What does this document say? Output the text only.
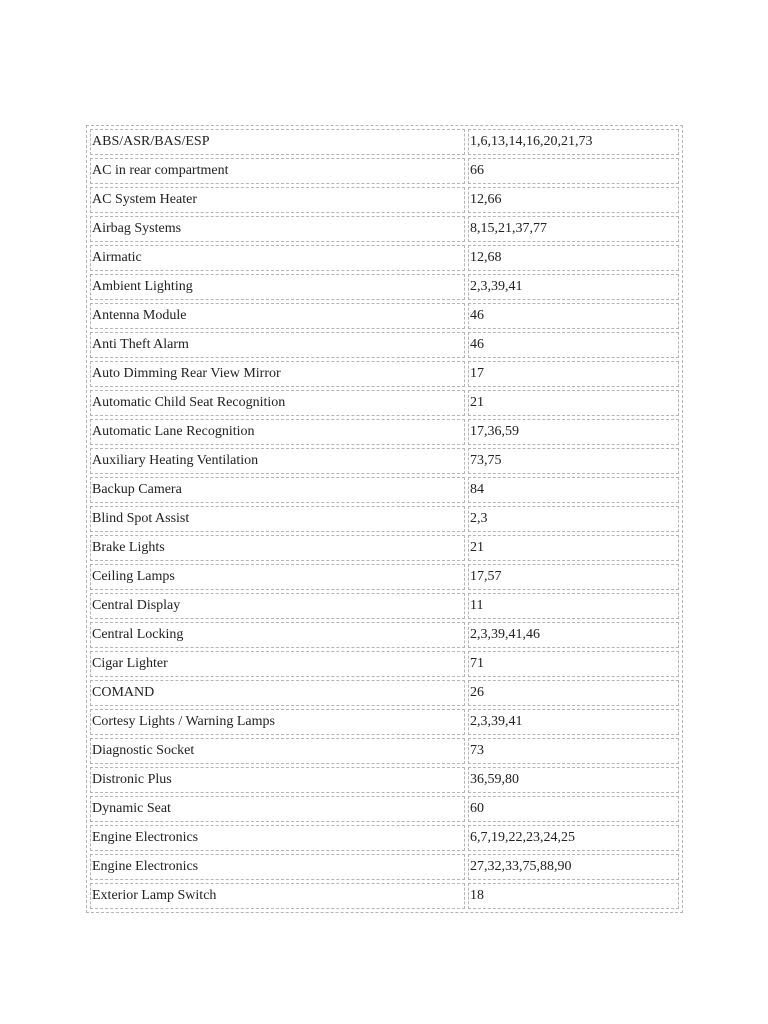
ABS/ASR/BAS/ESP	1,6,13,14,16,20,21,73
AC in rear compartment	66
AC System Heater	12,66
Airbag Systems	8,15,21,37,77
Airmatic	12,68
Ambient Lighting	2,3,39,41
Antenna Module	46
Anti Theft Alarm	46
Auto Dimming Rear View Mirror	17
Automatic Child Seat Recognition	21
Automatic Lane Recognition	17,36,59
Auxiliary Heating Ventilation	73,75
Backup Camera	84
Blind Spot Assist	2,3
Brake Lights	21
Ceiling Lamps	17,57
Central Display	11
Central Locking	2,3,39,41,46
Cigar Lighter	71
COMAND	26
Cortesy Lights / Warning Lamps	2,3,39,41
Diagnostic Socket	73
Distronic Plus	36,59,80
Dynamic Seat	60
Engine Electronics	6,7,19,22,23,24,25
Engine Electronics	27,32,33,75,88,90
Exterior Lamp Switch	18
